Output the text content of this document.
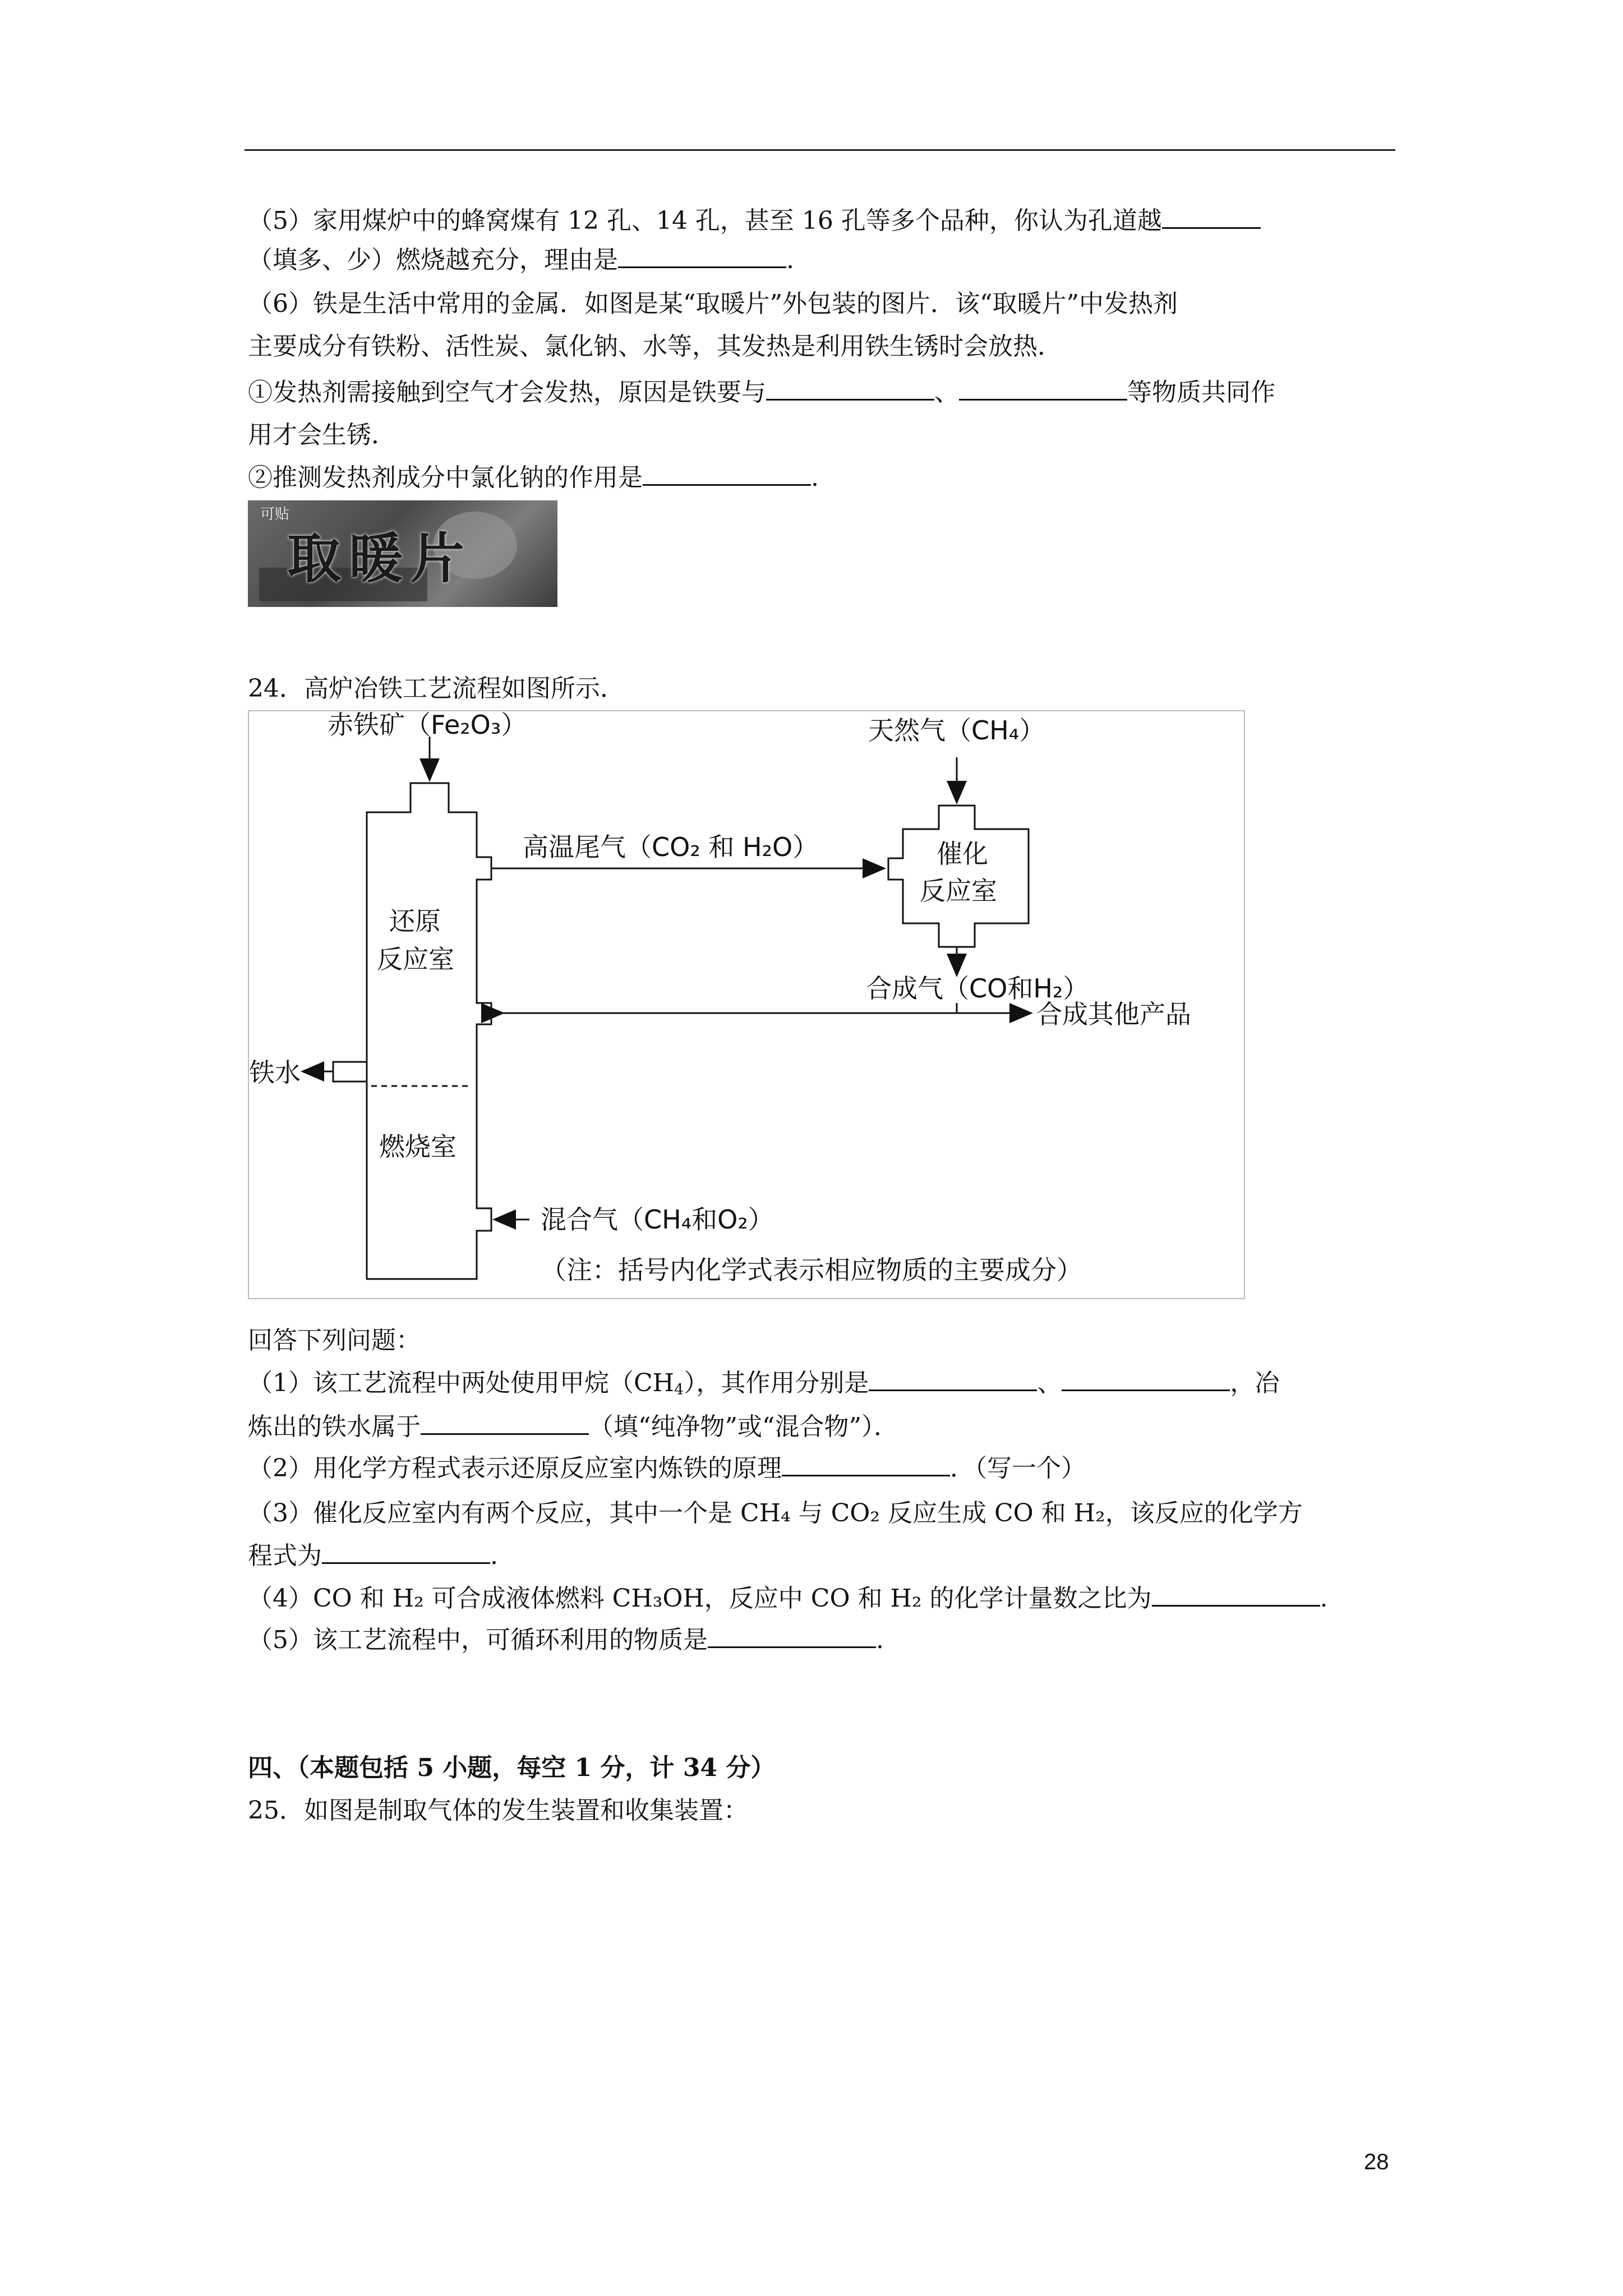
（5）家用煤炉中的蜂窝煤有 12 孔、14 孔，甚至 16 孔等多个品种，你认为孔道越
（填多、少）燃烧越充分，理由是	.
（6）铁是生活中常用的金属．如图是某“取暖片”外包装的图片．该“取暖片”中发热剂
主要成分有铁粉、活性炭、氯化钠、水等，其发热是利用铁生锈时会放热．
①发热剂需接触到空气才会发热，原因是铁要与	、	等物质共同作
用才会生锈．
②推测发热剂成分中氯化钠的作用是	.
可贴
取暖片
24．高炉冶铁工艺流程如图所示．
赤铁矿（Fe₂O₃）	天然气（CH₄）
高温尾气（CO₂ 和 H₂O）	催化
反应室
还原
反应室
合成气（CO和H₂）
合成其他产品
铁水
燃烧室
混合气（CH₄和O₂）
（注：括号内化学式表示相应物质的主要成分）
回答下列问题：
（1）该工艺流程中两处使用甲烷$(CH_4)$，其作用分别是	、	，冶
炼出的铁水属于	（填“纯净物”或“混合物”）．
（2）用化学方程式表示还原反应室内炼铁的原理	．（写一个）
（3）催化反应室内有两个反应，其中一个是 CH₄ 与 CO₂ 反应生成 CO 和 H₂，该反应的化学方
程式为	.
（4）CO 和 H₂ 可合成液体燃料 CH₃OH，反应中 CO 和 H₂ 的化学计量数之比为	.
（5）该工艺流程中，可循环利用的物质是	.
四、（本题包括 5 小题，每空 1 分，计 34 分）
25．如图是制取气体的发生装置和收集装置：
28
